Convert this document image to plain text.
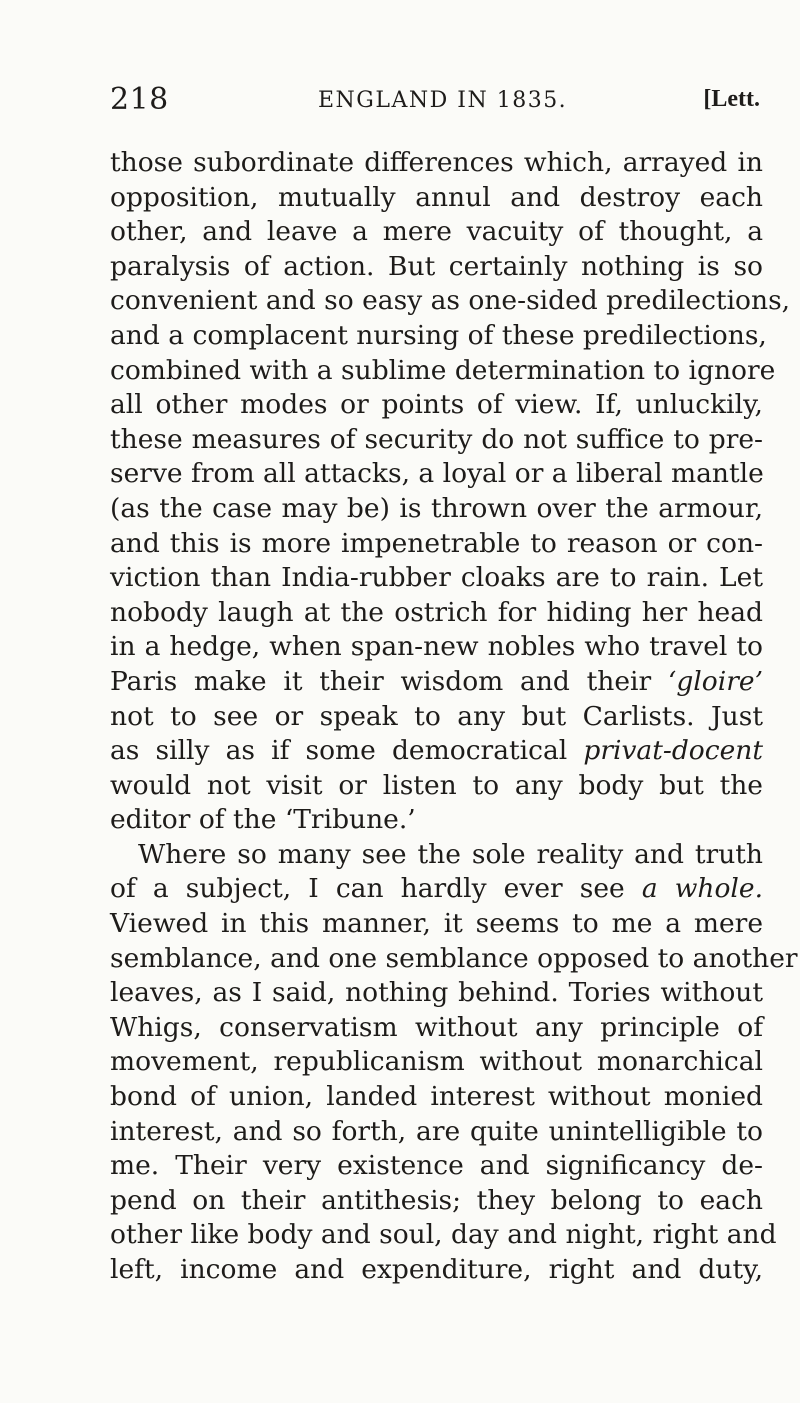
218	ENGLAND IN 1835.	[Lett.
those subordinate differences which, arrayed in
opposition, mutually annul and destroy each
other, and leave a mere vacuity of thought, a
paralysis of action. But certainly nothing is so
convenient and so easy as one-sided predilections,
and a complacent nursing of these predilections,
combined with a sublime determination to ignore
all other modes or points of view. If, unluckily,
these measures of security do not suffice to pre-
serve from all attacks, a loyal or a liberal mantle
(as the case may be) is thrown over the armour,
and this is more impenetrable to reason or con-
viction than India-rubber cloaks are to rain. Let
nobody laugh at the ostrich for hiding her head
in a hedge, when span-new nobles who travel to
Paris make it their wisdom and their ‘gloire’
not to see or speak to any but Carlists. Just
as silly as if some democratical privat-docent
would not visit or listen to any body but the
editor of the ‘Tribune.’
Where so many see the sole reality and truth
of a subject, I can hardly ever see a whole.
Viewed in this manner, it seems to me a mere
semblance, and one semblance opposed to another
leaves, as I said, nothing behind. Tories without
Whigs, conservatism without any principle of
movement, republicanism without monarchical
bond of union, landed interest without monied
interest, and so forth, are quite unintelligible to
me. Their very existence and significancy de-
pend on their antithesis; they belong to each
other like body and soul, day and night, right and
left, income and expenditure, right and duty,
